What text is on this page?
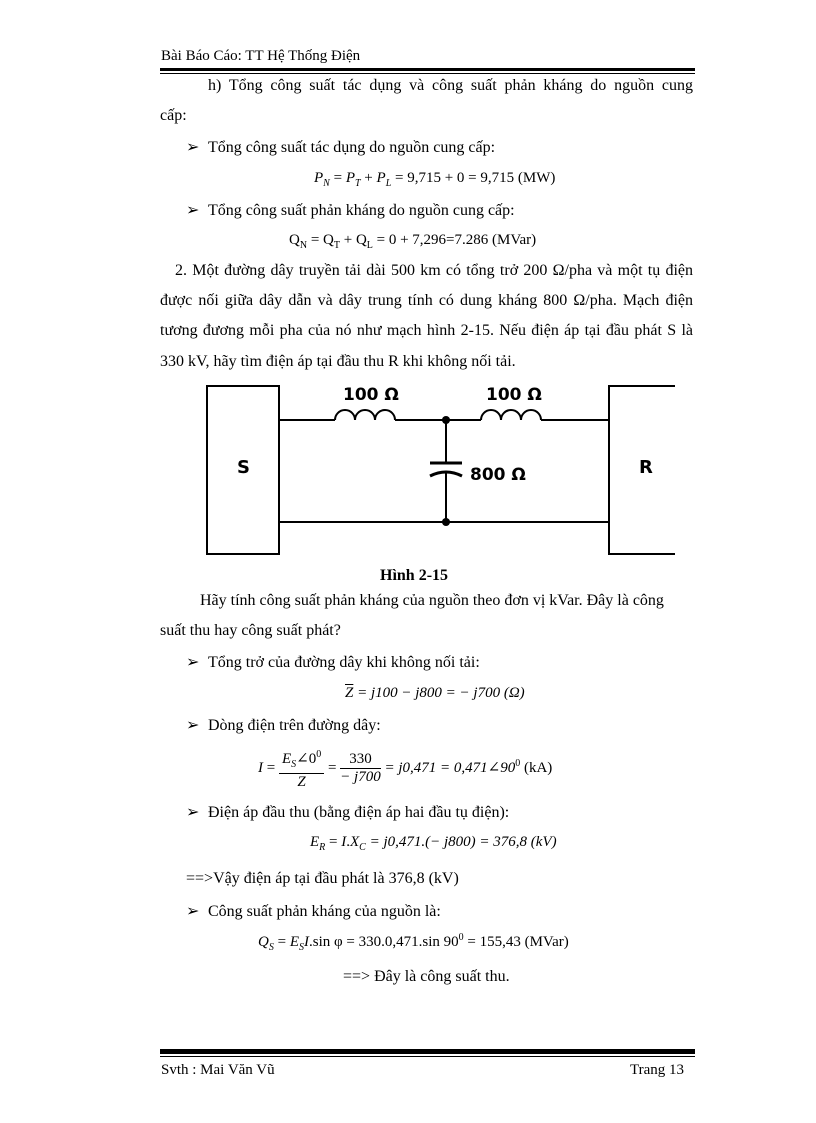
Bài Báo Cáo: TT Hệ Thống Điện
h) Tổng công suất tác dụng và công suất phản kháng do nguồn cung
cấp:
➢ Tổng công suất tác dụng do nguồn cung cấp:
$P_N = P_T + P_L = 9,715 + 0 = 9,715$ (MW)
➢ Tổng công suất phản kháng do nguồn cung cấp:
$Q_N = Q_T + Q_L = 0 + 7,296=7.286$ (MVar)
2. Một đường dây truyền tải dài 500 km có tổng trở 200 Ω/pha và một tụ điện
được nối giữa dây dẫn và dây trung tính có dung kháng 800 Ω/pha. Mạch điện
tương đương mỗi pha của nó như mạch hình 2-15. Nếu điện áp tại đầu phát S là
330 kV, hãy tìm điện áp tại đầu thu R khi không nối tải.
100 Ω	100 Ω
800 Ω
S	R
Hình 2-15
Hãy tính công suất phản kháng của nguồn theo đơn vị kVar. Đây là công
suất thu hay công suất phát?
➢ Tổng trở của đường dây khi không nối tải:
$\overline{Z} = j100 - j800$ = − j700 (Ω)
➢ Dòng điện trên đường dây:
$I = \frac{E_S\angle 0^0}{Z} = \frac{330}{- j700} = j0,471$ = $0,471\angle 90^0$ (kA)
➢ Điện áp đầu thu (bằng điện áp hai đầu tụ điện):
$E_R = I.X_C = j0,471.(- j800) = 376,8$ (kV)
==>Vậy điện áp tại đầu phát là 376,8 (kV)
➢ Công suất phản kháng của nguồn là:
$Q_S = E_SI.\sin$ φ = 330.0,471.sin $90^0 = 155,43$ (MVar)
==> Đây là công suất thu.
Svth : Mai Văn Vũ	Trang 13
